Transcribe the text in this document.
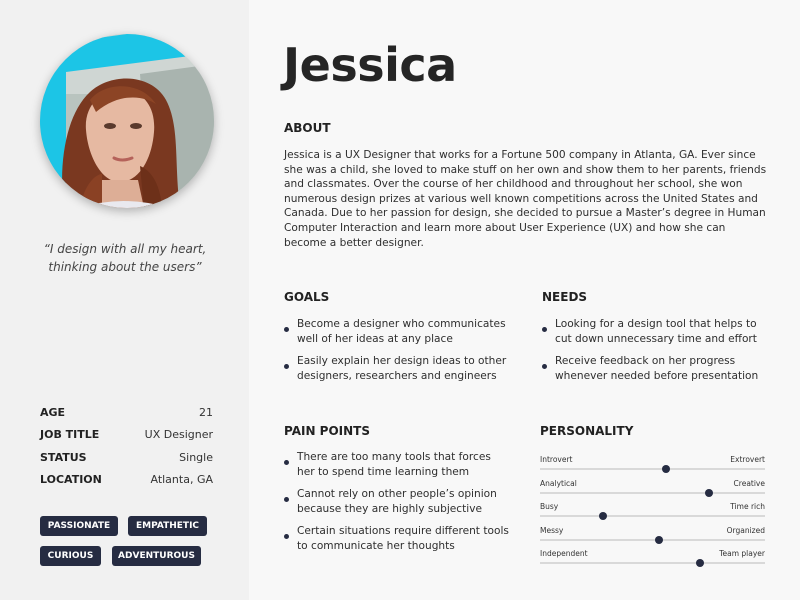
“I design with all my heart, thinking about the users”

AGE	21
JOB TITLE	UX Designer
STATUS	Single
LOCATION	Atlanta, GA
PASSIONATE	EMPATHETIC
CURIOUS	ADVENTUROUS
Jessica
ABOUT

Jessica is a UX Designer that works for a Fortune 500 company in Atlanta, GA. Ever since she was a child, she loved to make stuff on her own and show them to her parents, friends and classmates. Over the course of her childhood and throughout her school, she won numerous design prizes at various well known competitions across the United States and Canada. Due to her passion for design, she decided to pursue a Master’s degree in Human Computer Interaction and learn more about User Experience (UX) and how she can become a better designer.

GOALS
Become a designer who communicates well of her ideas at any place
Easily explain her design ideas to other designers, researchers and engineers
NEEDS
Looking for a design tool that helps to cut down unnecessary time and effort
Receive feedback on her progress whenever needed before presentation
PAIN POINTS
There are too many tools that forces her to spend time learning them
Cannot rely on other people’s opinion because they are highly subjective
Certain situations require different tools to communicate her thoughts
PERSONALITY
Introvert	Extrovert
Analytical	Creative
Busy	Time rich
Messy	Organized
Independent	Team player
